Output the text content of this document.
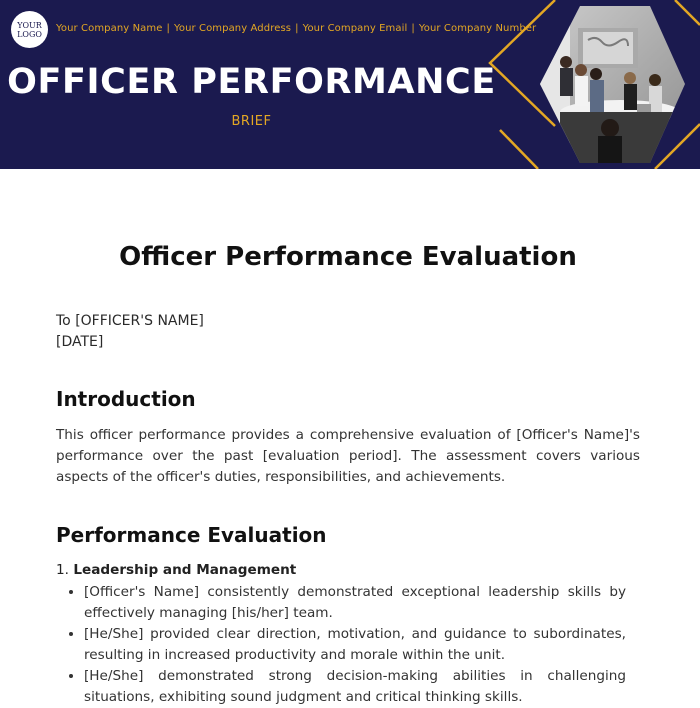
YOUR
LOGO Your Company Name | Your Company Address | Your Company Email | Your Company Number
OFFICER PERFORMANCE
BRIEF
Officer Performance Evaluation
To [OFFICER'S NAME]
[DATE]
Introduction
This officer performance provides a comprehensive evaluation of [Officer's Name]'s performance over the past [evaluation period]. The assessment covers various aspects of the officer's duties, responsibilities, and achievements.
Performance Evaluation
1. Leadership and Management
• [Officer's Name] consistently demonstrated exceptional leadership skills by effectively managing [his/her] team.
• [He/She] provided clear direction, motivation, and guidance to subordinates, resulting in increased productivity and morale within the unit.
• [He/She] demonstrated strong decision-making abilities in challenging situations, exhibiting sound judgment and critical thinking skills.
